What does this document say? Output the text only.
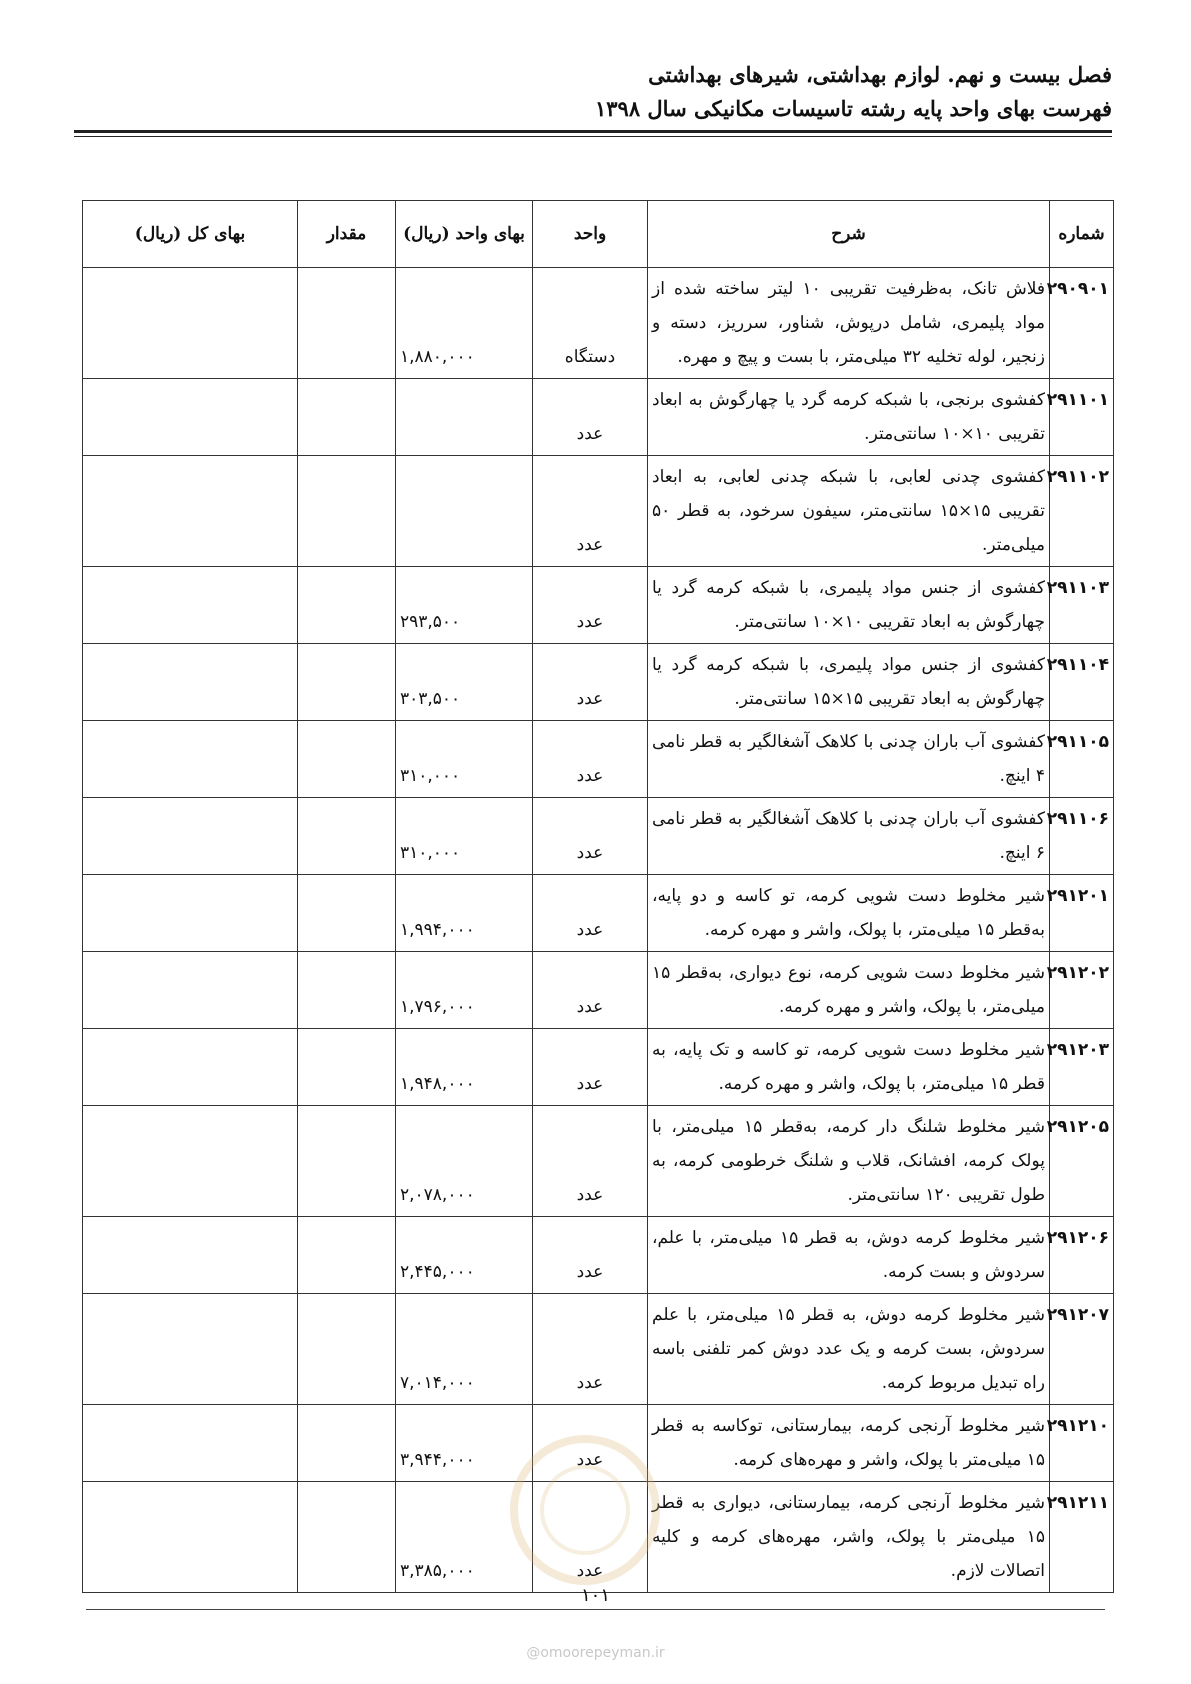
فصل بیست و نهم. لوازم بهداشتی، شیرهای بهداشتی
فهرست بهای واحد پایه رشته تاسیسات مکانیکی سال ۱۳۹۸
شماره	شرح	واحد	بهای واحد (ریال)	مقدار	بهای کل (ریال)
۲۹۰۹۰۱	فلاش تانک، به‌ظرفیت تقریبی ۱۰ لیتر ساخته شده از مواد پلیمری، شامل درپوش، شناور، سرریز، دسته و زنجیر، لوله تخلیه ۳۲ میلی‌متر، با بست و پیچ و مهره.	دستگاه	۱,۸۸۰,۰۰۰		
۲۹۱۱۰۱	کفشوی برنجی، با شبکه کرمه گرد یا چهارگوش به ابعاد تقریبی ۱۰×۱۰ سانتی‌متر.	عدد			
۲۹۱۱۰۲	کفشوی چدنی لعابی، با شبکه چدنی لعابی، به ابعاد تقریبی ۱۵×۱۵ سانتی‌متر، سیفون سرخود، به قطر ۵۰ میلی‌متر.	عدد			
۲۹۱۱۰۳	کفشوی از جنس مواد پلیمری، با شبکه کرمه گرد یا چهارگوش به ابعاد تقریبی ۱۰×۱۰ سانتی‌متر.	عدد	۲۹۳,۵۰۰		
۲۹۱۱۰۴	کفشوی از جنس مواد پلیمری، با شبکه کرمه گرد یا چهارگوش به ابعاد تقریبی ۱۵×۱۵ سانتی‌متر.	عدد	۳۰۳,۵۰۰		
۲۹۱۱۰۵	کفشوی آب باران چدنی با کلاهک آشغالگیر به قطر نامی ۴ اینچ.	عدد	۳۱۰,۰۰۰		
۲۹۱۱۰۶	کفشوی آب باران چدنی با کلاهک آشغالگیر به قطر نامی ۶ اینچ.	عدد	۳۱۰,۰۰۰		
۲۹۱۲۰۱	شیر مخلوط دست شویی کرمه، تو کاسه و دو پایه، به‌قطر ۱۵ میلی‌متر، با پولک، واشر و مهره کرمه.	عدد	۱,۹۹۴,۰۰۰		
۲۹۱۲۰۲	شیر مخلوط دست شویی کرمه، نوع دیواری، به‌قطر ۱۵ میلی‌متر، با پولک، واشر و مهره کرمه.	عدد	۱,۷۹۶,۰۰۰		
۲۹۱۲۰۳	شیر مخلوط دست شویی کرمه، تو کاسه و تک پایه، به قطر ۱۵ میلی‌متر، با پولک، واشر و مهره کرمه.	عدد	۱,۹۴۸,۰۰۰		
۲۹۱۲۰۵	شیر مخلوط شلنگ دار کرمه، به‌قطر ۱۵ میلی‌متر، با پولک کرمه، افشانک، قلاب و شلنگ خرطومی کرمه، به طول تقریبی ۱۲۰ سانتی‌متر.	عدد	۲,۰۷۸,۰۰۰		
۲۹۱۲۰۶	شیر مخلوط کرمه دوش، به قطر ۱۵ میلی‌متر، با علم، سردوش و بست کرمه.	عدد	۲,۴۴۵,۰۰۰		
۲۹۱۲۰۷	شیر مخلوط کرمه دوش، به قطر ۱۵ میلی‌متر، با علم سردوش، بست کرمه و یک عدد دوش کمر تلفنی باسه راه تبدیل مربوط کرمه.	عدد	۷,۰۱۴,۰۰۰		
۲۹۱۲۱۰	شیر مخلوط آرنجی کرمه، بیمارستانی، توکاسه به قطر ۱۵ میلی‌متر با پولک، واشر و مهره‌های کرمه.	عدد	۳,۹۴۴,۰۰۰		
۲۹۱۲۱۱	شیر مخلوط آرنجی کرمه، بیمارستانی، دیواری به قطر ۱۵ میلی‌متر با پولک، واشر، مهره‌های کرمه و کلیه اتصالات لازم.	عدد	۳,۳۸۵,۰۰۰		
۱۰۱
@omoorepeyman.ir
